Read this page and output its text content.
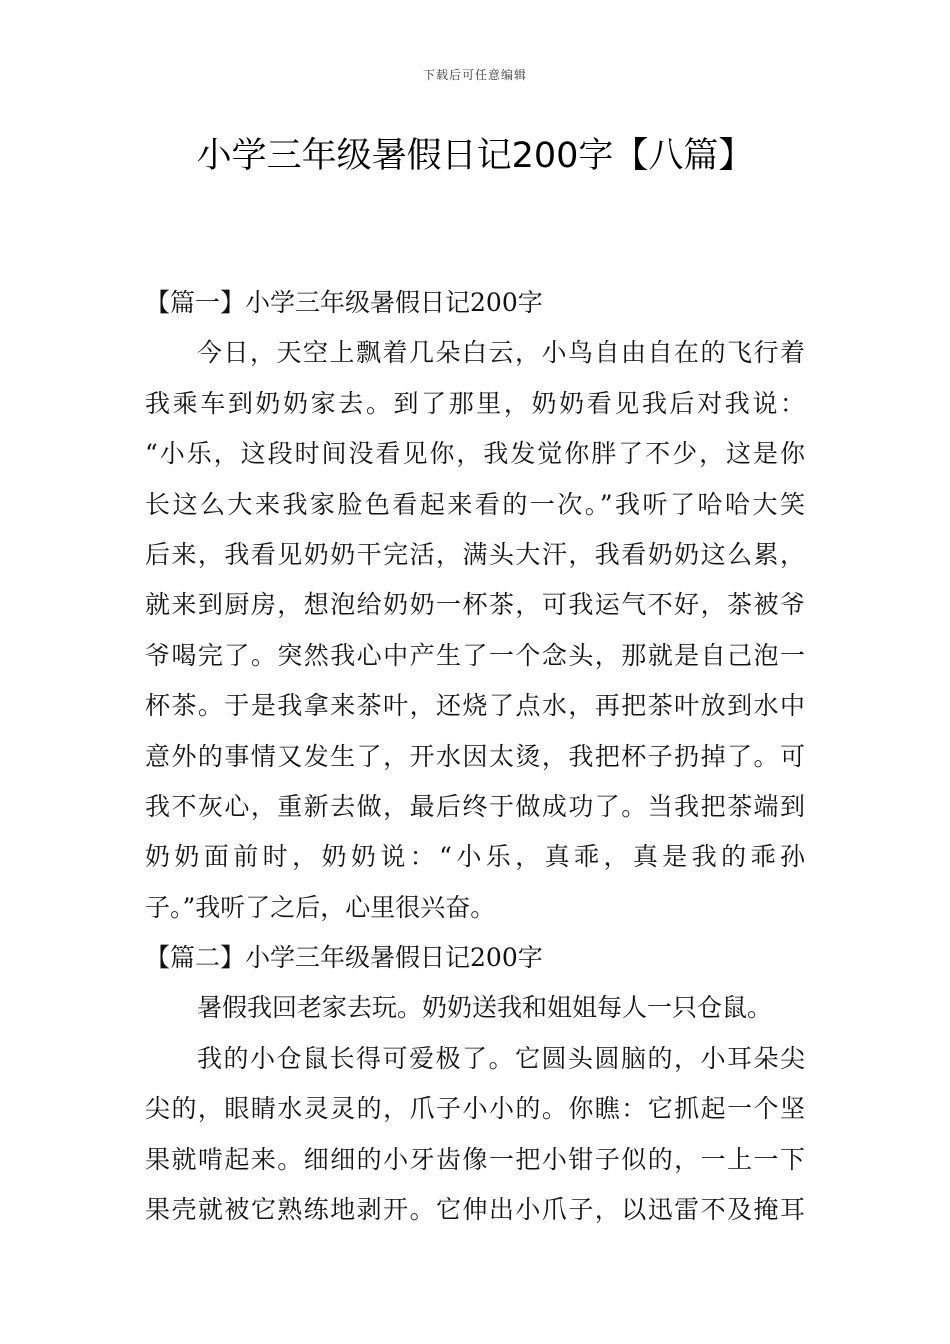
下载后可任意编辑
小学三年级暑假日记200字【八篇】
【篇一】小学三年级暑假日记200字
今日，天空上飘着几朵白云，小鸟自由自在的飞行着
我乘车到奶奶家去。到了那里，奶奶看见我后对我说：
“小乐，这段时间没看见你，我发觉你胖了不少，这是你
长这么大来我家脸色看起来看的一次。”我听了哈哈大笑
后来，我看见奶奶干完活，满头大汗，我看奶奶这么累，
就来到厨房，想泡给奶奶一杯茶，可我运气不好，茶被爷
爷喝完了。突然我心中产生了一个念头，那就是自己泡一
杯茶。于是我拿来茶叶，还烧了点水，再把茶叶放到水中
意外的事情又发生了，开水因太烫，我把杯子扔掉了。可
我不灰心，重新去做，最后终于做成功了。当我把茶端到
奶奶面前时，奶奶说：“小乐，真乖，真是我的乖孙
子。”我听了之后，心里很兴奋。
【篇二】小学三年级暑假日记200字
暑假我回老家去玩。奶奶送我和姐姐每人一只仓鼠。
我的小仓鼠长得可爱极了。它圆头圆脑的，小耳朵尖
尖的，眼睛水灵灵的，爪子小小的。你瞧：它抓起一个坚
果就啃起来。细细的小牙齿像一把小钳子似的，一上一下
果壳就被它熟练地剥开。它伸出小爪子，以迅雷不及掩耳
